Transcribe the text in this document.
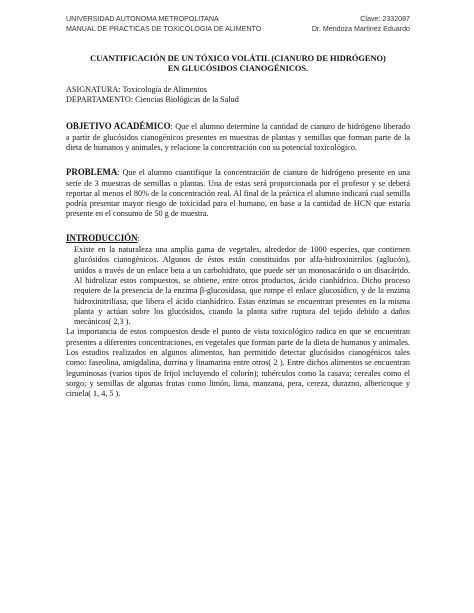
UNIVERSIDAD AUTONOMA METROPOLITANA	Clave: 2332087
MANUAL DE PRACTICAS DE TOXICOLOGIA DE ALIMENTO	Dr. Mendoza Martinez Eduardo
CUANTIFICACIÓN DE UN TÓXICO VOLÁTIL (CIANURO DE HIDRÓGENO)
EN GLUCÓSIDOS CIANOGÉNICOS.
ASIGNATURA: Toxicología de Alimentos
DEPARTAMENTO: Ciencias Biológicas de la Salud
OBJETIVO ACADÉMICO: Que el alumno determine la cantidad de cianuro de hidrógeno liberado a partir de glucósidos cianogénicos presentes en muestras de plantas y semillas que forman parte de la dieta de humanos y animales, y relacione la concentración con su potencial toxicológico.
PROBLEMA: Que el alumno cuantifique la concentración de cianuro de hidrógeno presente en una serie de 3 muestras de semillas o plantas. Una de estas será proporcionada por el profesor y se deberá reportar al menos el 80% de la concentración real. Al final de la práctica el alumno indicará cual semilla podría presentar mayor riesgo de toxicidad para el humano, en base a la cantidad de HCN que estaría presente en el consumo de 50 g de muestra.
INTRODUCCIÓN:

Existe en la naturaleza una amplia gama de vegetales, alrededor de 1000 especies, que contienen glucósidos cianogénicos. Algunos de éstos están constituidos por alfa-hidroxinitrilos (aglucón), unidos a través de un enlace beta a un carbohidrato, que puede ser un monosacárido o un disacárido. Al hidrolizar estos compuestos, se obtiene, entre otros productos, ácido cianhídrico. Dicho proceso requiere de la presencia de la enzima β-glucosidasa, que rompe el enlace glucosídico, y de la enzima hidroxinitriliasa, que libera el ácido cianhídrico. Estas enzimas se encuentran presentes en la misma planta y actúan sobre los glucósidos, cuando la planta sufre ruptura del tejido debido a daños mecánicos( 2,3 ).

La importancia de estos compuestos desde el punto de vista toxicológico radica en que se encuentran presentes a diferentes concentraciones, en vegetales que forman parte de la dieta de humanos y animales.

Los estudios realizados en algunos alimentos, han permitido detectar glucósidos cianogénicos tales como: faseolina, amigdalina, durrina y linamarina entre otros( 2 ). Entre dichos alimentos se encuentran leguminosas (varios tipos de frijol incluyendo el colorín); tubérculos como la casava; cereales como el sorgo; y semillas de algunas frutas como limón, lima, manzana, pera, cereza, durazno, albericoque y ciruela( 1, 4, 5 ).
